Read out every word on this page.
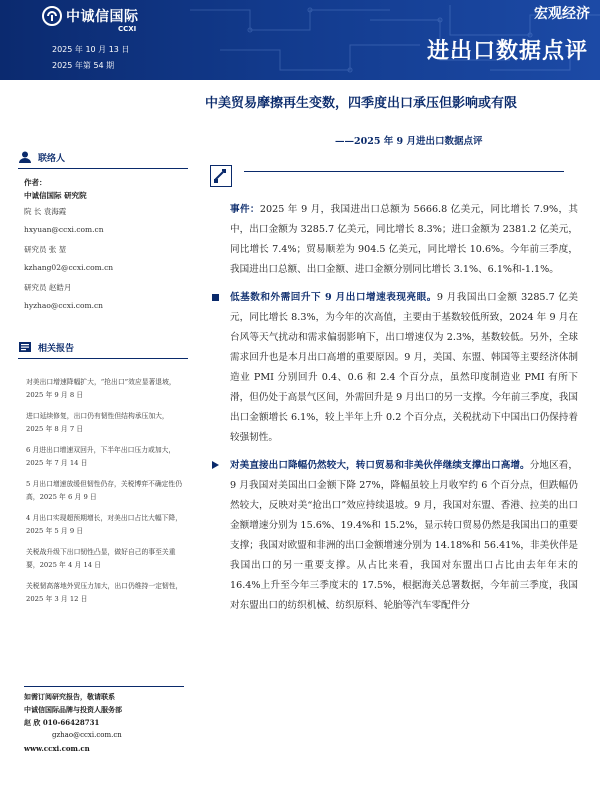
中诚信国际
CCXI
2025 年 10 月 13 日
2025 年第 54 期
宏观经济
进出口数据点评
中美贸易摩擦再生变数，四季度出口承压但影响或有限
——2025 年 9 月进出口数据点评
联络人
作者：
中诚信国际 研究院
院 长 袁海霞
hxyuan@ccxi.com.cn
研究员 张 堃
kzhang02@ccxi.com.cn
研究员 赵皓月
hyzhao@ccxi.com.cn
相关报告
对美出口增速降幅扩大，“抢出口”效应显著退坡，2025 年 9 月 8 日
进口延续修复，出口仍有韧性但结构承压加大，2025 年 8 月 7 日
6 月进出口增速双回升，下半年出口压力或加大，2025 年 7 月 14 日
5 月出口增速放缓但韧性仍存，关税博弈不确定性仍高，2025 年 6 月 9 日
4 月出口实现超预期增长，对美出口占比大幅下降，2025 年 5 月 9 日
关税战升级下出口韧性凸显，做好自己的事至关重要，2025 年 4 月 14 日
关税韧高落地外贸压力加大，出口仍维持一定韧性，2025 年 3 月 12 日
如需订阅研究报告，敬请联系
中诚信国际品牌与投资人服务部
赵 欣 010-66428731
gzhao@ccxi.com.cn
www.ccxi.com.cn

事件：2025 年 9 月，我国进出口总额为 5666.8 亿美元，同比增长 7.9%，其中，出口金额为 3285.7 亿美元，同比增长 8.3%；进口金额为 2381.2 亿美元，同比增长 7.4%；贸易顺差为 904.5 亿美元，同比增长 10.6%。今年前三季度，我国进出口总额、出口金额、进口金额分别同比增长 3.1%、6.1%和-1.1%。

低基数和外需回升下 9 月出口增速表现亮眼。9 月我国出口金额 3285.7 亿美元，同比增长 8.3%，为今年的次高值，主要由于基数较低所致，2024 年 9 月在台风等天气扰动和需求偏弱影响下，出口增速仅为 2.3%，基数较低。另外，全球需求回升也是本月出口高增的重要原因。9 月，美国、东盟、韩国等主要经济体制造业 PMI 分别回升 0.4、0.6 和 2.4 个百分点，虽然印度制造业 PMI 有所下滑，但仍处于高景气区间，外需回升是 9 月出口的另一支撑。今年前三季度，我国出口金额增长 6.1%，较上半年上升 0.2 个百分点，关税扰动下中国出口仍保持着较强韧性。

对美直接出口降幅仍然较大，转口贸易和非美伙伴继续支撑出口高增。分地区看，9 月我国对美国出口金额下降 27%，降幅虽较上月收窄约 6 个百分点，但跌幅仍然较大，反映对美“抢出口”效应持续退坡。9 月，我国对东盟、香港、拉美的出口金额增速分别为 15.6%、19.4%和 15.2%，显示转口贸易仍然是我国出口的重要支撑；我国对欧盟和非洲的出口金额增速分别为 14.18%和 56.41%，非美伙伴是我国出口的另一重要支撑。从占比来看，我国对东盟出口占比由去年年末的 16.4%上升至今年三季度末的 17.5%，根据海关总署数据，今年前三季度，我国对东盟出口的纺织机械、纺织原料、轮胎等汽车零配件分
